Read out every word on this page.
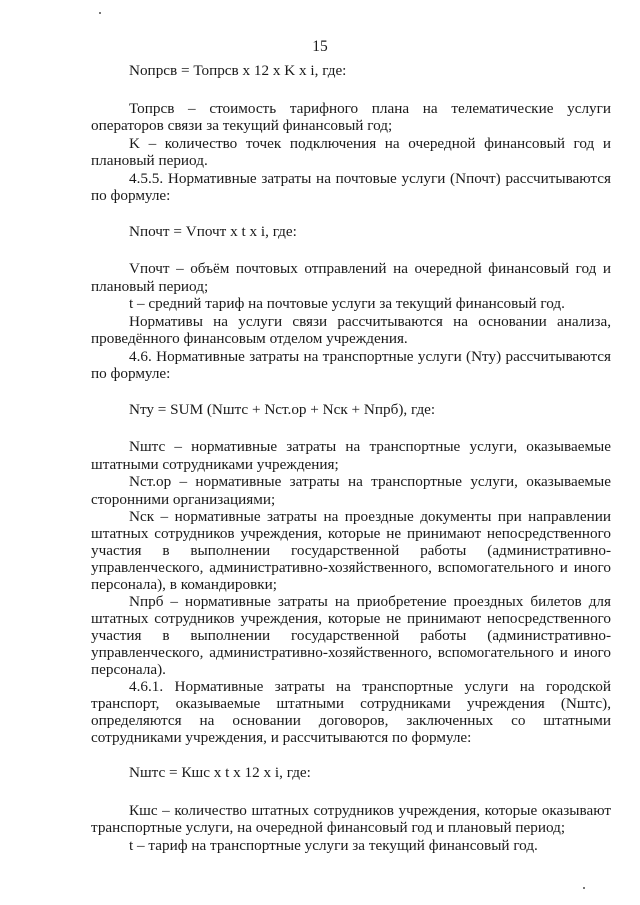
15

Nопрсв = Топрсв x 12 x K x i, где:

Топрсв – стоимость тарифного плана на телематические услуги операторов связи за текущий финансовый год;

K – количество точек подключения на очередной финансовый год и плановый период.

4.5.5. Нормативные затраты на почтовые услуги (Nпочт) рассчитываются по формуле:

Nпочт = Vпочт x t x i, где:

Vпочт – объём почтовых отправлений на очередной финансовый год и плановый период;

t – средний тариф на почтовые услуги за текущий финансовый год.

Нормативы на услуги связи рассчитываются на основании анализа, проведённого финансовым отделом учреждения.

4.6. Нормативные затраты на транспортные услуги (Nту) рассчитываются по формуле:

Nту = SUM (Nштс + Nст.ор + Nск + Nпрб), где:

Nштс – нормативные затраты на транспортные услуги, оказываемые штатными сотрудниками учреждения;

Nст.ор – нормативные затраты на транспортные услуги, оказываемые сторонними организациями;

Nск – нормативные затраты на проездные документы при направлении штатных сотрудников учреждения, которые не принимают непосредственного участия в выполнении государственной работы (административно-управленческого, административно-хозяйственного, вспомогательного и иного персонала), в командировки;

Nпрб – нормативные затраты на приобретение проездных билетов для штатных сотрудников учреждения, которые не принимают непосредственного участия в выполнении государственной работы (административно-управленческого, административно-хозяйственного, вспомогательного и иного персонала).

4.6.1. Нормативные затраты на транспортные услуги на городской транспорт, оказываемые штатными сотрудниками учреждения (Nштс), определяются на основании договоров, заключенных со штатными сотрудниками учреждения, и рассчитываются по формуле:

Nштс = Кшс x t x 12 x i, где:

Кшс – количество штатных сотрудников учреждения, которые оказывают транспортные услуги, на очередной финансовый год и плановый период;

t – тариф на транспортные услуги за текущий финансовый год.
